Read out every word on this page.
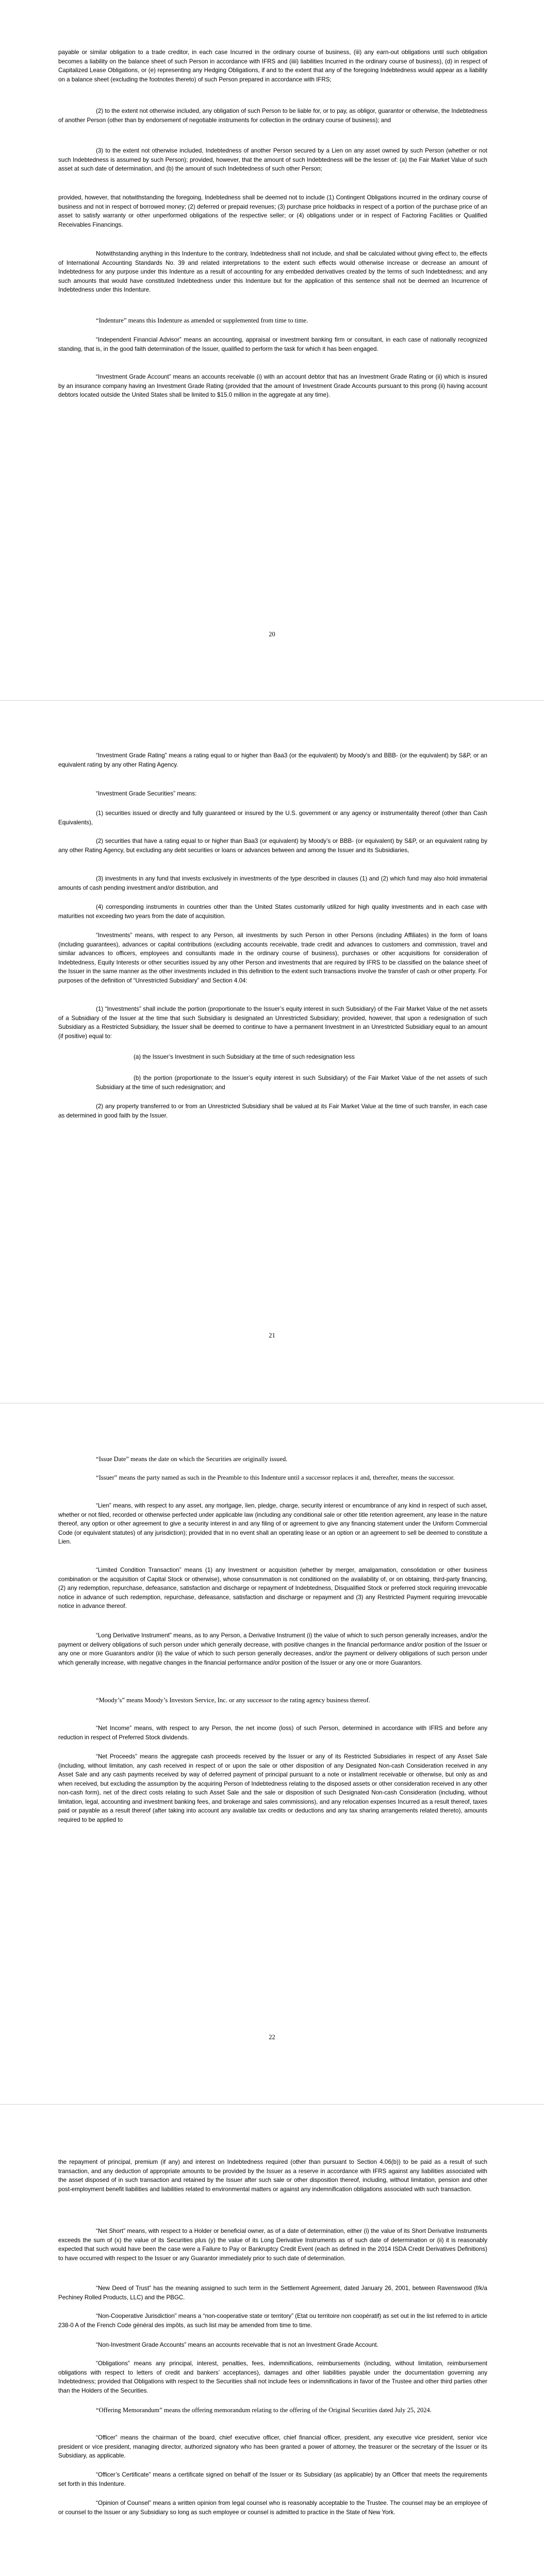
payable or similar obligation to a trade creditor, in each case Incurred in the ordinary course of business, (iii) any earn-out obligations until such obligation becomes a liability on the balance sheet of such Person in accordance with IFRS and (iiii) liabilities Incurred in the ordinary course of business), (d) in respect of Capitalized Lease Obligations, or (e) representing any Hedging Obligations, if and to the extent that any of the foregoing Indebtedness would appear as a liability on a balance sheet (excluding the footnotes thereto) of such Person prepared in accordance with IFRS;

(2) to the extent not otherwise included, any obligation of such Person to be liable for, or to pay, as obligor, guarantor or otherwise, the Indebtedness of another Person (other than by endorsement of negotiable instruments for collection in the ordinary course of business); and

(3) to the extent not otherwise included, Indebtedness of another Person secured by a Lien on any asset owned by such Person (whether or not such Indebtedness is assumed by such Person); provided, however, that the amount of such Indebtedness will be the lesser of: (a) the Fair Market Value of such asset at such date of determination, and (b) the amount of such Indebtedness of such other Person;

provided, however, that notwithstanding the foregoing, Indebtedness shall be deemed not to include (1) Contingent Obligations incurred in the ordinary course of business and not in respect of borrowed money; (2) deferred or prepaid revenues; (3) purchase price holdbacks in respect of a portion of the purchase price of an asset to satisfy warranty or other unperformed obligations of the respective seller; or (4) obligations under or in respect of Factoring Facilities or Qualified Receivables Financings.

Notwithstanding anything in this Indenture to the contrary, Indebtedness shall not include, and shall be calculated without giving effect to, the effects of International Accounting Standards No. 39 and related interpretations to the extent such effects would otherwise increase or decrease an amount of Indebtedness for any purpose under this Indenture as a result of accounting for any embedded derivatives created by the terms of such Indebtedness; and any such amounts that would have constituted Indebtedness under this Indenture but for the application of this sentence shall not be deemed an Incurrence of Indebtedness under this Indenture.

“Indenture” means this Indenture as amended or supplemented from time to time.

“Independent Financial Advisor” means an accounting, appraisal or investment banking firm or consultant, in each case of nationally recognized standing, that is, in the good faith determination of the Issuer, qualified to perform the task for which it has been engaged.

“Investment Grade Account” means an accounts receivable (i) with an account debtor that has an Investment Grade Rating or (ii) which is insured by an insurance company having an Investment Grade Rating (provided that the amount of Investment Grade Accounts pursuant to this prong (ii) having account debtors located outside the United States shall be limited to $15.0 million in the aggregate at any time).

20

“Investment Grade Rating” means a rating equal to or higher than Baa3 (or the equivalent) by Moody’s and BBB- (or the equivalent) by S&P, or an equivalent rating by any other Rating Agency.

“Investment Grade Securities” means:

(1) securities issued or directly and fully guaranteed or insured by the U.S. government or any agency or instrumentality thereof (other than Cash Equivalents),

(2) securities that have a rating equal to or higher than Baa3 (or equivalent) by Moody’s or BBB- (or equivalent) by S&P, or an equivalent rating by any other Rating Agency, but excluding any debt securities or loans or advances between and among the Issuer and its Subsidiaries,

(3) investments in any fund that invests exclusively in investments of the type described in clauses (1) and (2) which fund may also hold immaterial amounts of cash pending investment and/or distribution, and

(4) corresponding instruments in countries other than the United States customarily utilized for high quality investments and in each case with maturities not exceeding two years from the date of acquisition.

“Investments” means, with respect to any Person, all investments by such Person in other Persons (including Affiliates) in the form of loans (including guarantees), advances or capital contributions (excluding accounts receivable, trade credit and advances to customers and commission, travel and similar advances to officers, employees and consultants made in the ordinary course of business), purchases or other acquisitions for consideration of Indebtedness, Equity Interests or other securities issued by any other Person and investments that are required by IFRS to be classified on the balance sheet of the Issuer in the same manner as the other investments included in this definition to the extent such transactions involve the transfer of cash or other property. For purposes of the definition of “Unrestricted Subsidiary” and Section 4.04:

(1) “Investments” shall include the portion (proportionate to the Issuer’s equity interest in such Subsidiary) of the Fair Market Value of the net assets of a Subsidiary of the Issuer at the time that such Subsidiary is designated an Unrestricted Subsidiary; provided, however, that upon a redesignation of such Subsidiary as a Restricted Subsidiary, the Issuer shall be deemed to continue to have a permanent Investment in an Unrestricted Subsidiary equal to an amount (if positive) equal to:

(a) the Issuer’s Investment in such Subsidiary at the time of such redesignation less

(b) the portion (proportionate to the Issuer’s equity interest in such Subsidiary) of the Fair Market Value of the net assets of such Subsidiary at the time of such redesignation; and

(2) any property transferred to or from an Unrestricted Subsidiary shall be valued at its Fair Market Value at the time of such transfer, in each case as determined in good faith by the Issuer.

21

“Issue Date” means the date on which the Securities are originally issued.

“Issuer” means the party named as such in the Preamble to this Indenture until a successor replaces it and, thereafter, means the successor.

“Lien” means, with respect to any asset, any mortgage, lien, pledge, charge, security interest or encumbrance of any kind in respect of such asset, whether or not filed, recorded or otherwise perfected under applicable law (including any conditional sale or other title retention agreement, any lease in the nature thereof, any option or other agreement to give a security interest in and any filing of or agreement to give any financing statement under the Uniform Commercial Code (or equivalent statutes) of any jurisdiction); provided that in no event shall an operating lease or an option or an agreement to sell be deemed to constitute a Lien.

“Limited Condition Transaction” means (1) any Investment or acquisition (whether by merger, amalgamation, consolidation or other business combination or the acquisition of Capital Stock or otherwise), whose consummation is not conditioned on the availability of, or on obtaining, third-party financing, (2) any redemption, repurchase, defeasance, satisfaction and discharge or repayment of Indebtedness, Disqualified Stock or preferred stock requiring irrevocable notice in advance of such redemption, repurchase, defeasance, satisfaction and discharge or repayment and (3) any Restricted Payment requiring irrevocable notice in advance thereof.

“Long Derivative Instrument” means, as to any Person, a Derivative Instrument (i) the value of which to such person generally increases, and/or the payment or delivery obligations of such person under which generally decrease, with positive changes in the financial performance and/or position of the Issuer or any one or more Guarantors and/or (ii) the value of which to such person generally decreases, and/or the payment or delivery obligations of such person under which generally increase, with negative changes in the financial performance and/or position of the Issuer or any one or more Guarantors.

“Moody’s” means Moody’s Investors Service, Inc. or any successor to the rating agency business thereof.

“Net Income” means, with respect to any Person, the net income (loss) of such Person, determined in accordance with IFRS and before any reduction in respect of Preferred Stock dividends.

“Net Proceeds” means the aggregate cash proceeds received by the Issuer or any of its Restricted Subsidiaries in respect of any Asset Sale (including, without limitation, any cash received in respect of or upon the sale or other disposition of any Designated Non-cash Consideration received in any Asset Sale and any cash payments received by way of deferred payment of principal pursuant to a note or installment receivable or otherwise, but only as and when received, but excluding the assumption by the acquiring Person of Indebtedness relating to the disposed assets or other consideration received in any other non-cash form), net of the direct costs relating to such Asset Sale and the sale or disposition of such Designated Non-cash Consideration (including, without limitation, legal, accounting and investment banking fees, and brokerage and sales commissions), and any relocation expenses Incurred as a result thereof, taxes paid or payable as a result thereof (after taking into account any available tax credits or deductions and any tax sharing arrangements related thereto), amounts required to be applied to

22

the repayment of principal, premium (if any) and interest on Indebtedness required (other than pursuant to Section 4.06(b)) to be paid as a result of such transaction, and any deduction of appropriate amounts to be provided by the Issuer as a reserve in accordance with IFRS against any liabilities associated with the asset disposed of in such transaction and retained by the Issuer after such sale or other disposition thereof, including, without limitation, pension and other post-employment benefit liabilities and liabilities related to environmental matters or against any indemnification obligations associated with such transaction.

“Net Short” means, with respect to a Holder or beneficial owner, as of a date of determination, either (i) the value of its Short Derivative Instruments exceeds the sum of (x) the value of its Securities plus (y) the value of its Long Derivative Instruments as of such date of determination or (ii) it is reasonably expected that such would have been the case were a Failure to Pay or Bankruptcy Credit Event (each as defined in the 2014 ISDA Credit Derivatives Definitions) to have occurred with respect to the Issuer or any Guarantor immediately prior to such date of determination.

“New Deed of Trust” has the meaning assigned to such term in the Settlement Agreement, dated January 26, 2001, between Ravenswood (f/k/a Pechiney Rolled Products, LLC) and the PBGC.

“Non-Cooperative Jurisdiction” means a “non-cooperative state or territory” (Etat ou territoire non coopératif) as set out in the list referred to in article 238-0 A of the French Code général des impôts, as such list may be amended from time to time.

“Non-Investment Grade Accounts” means an accounts receivable that is not an Investment Grade Account.

“Obligations” means any principal, interest, penalties, fees, indemnifications, reimbursements (including, without limitation, reimbursement obligations with respect to letters of credit and bankers’ acceptances), damages and other liabilities payable under the documentation governing any Indebtedness; provided that Obligations with respect to the Securities shall not include fees or indemnifications in favor of the Trustee and other third parties other than the Holders of the Securities.

“Offering Memorandum” means the offering memorandum relating to the offering of the Original Securities dated July 25, 2024.

“Officer” means the chairman of the board, chief executive officer, chief financial officer, president, any executive vice president, senior vice president or vice president, managing director, authorized signatory who has been granted a power of attorney, the treasurer or the secretary of the Issuer or its Subsidiary, as applicable.

“Officer’s Certificate” means a certificate signed on behalf of the Issuer or its Subsidiary (as applicable) by an Officer that meets the requirements set forth in this Indenture.

“Opinion of Counsel” means a written opinion from legal counsel who is reasonably acceptable to the Trustee. The counsel may be an employee of or counsel to the Issuer or any Subsidiary so long as such employee or counsel is admitted to practice in the State of New York.
